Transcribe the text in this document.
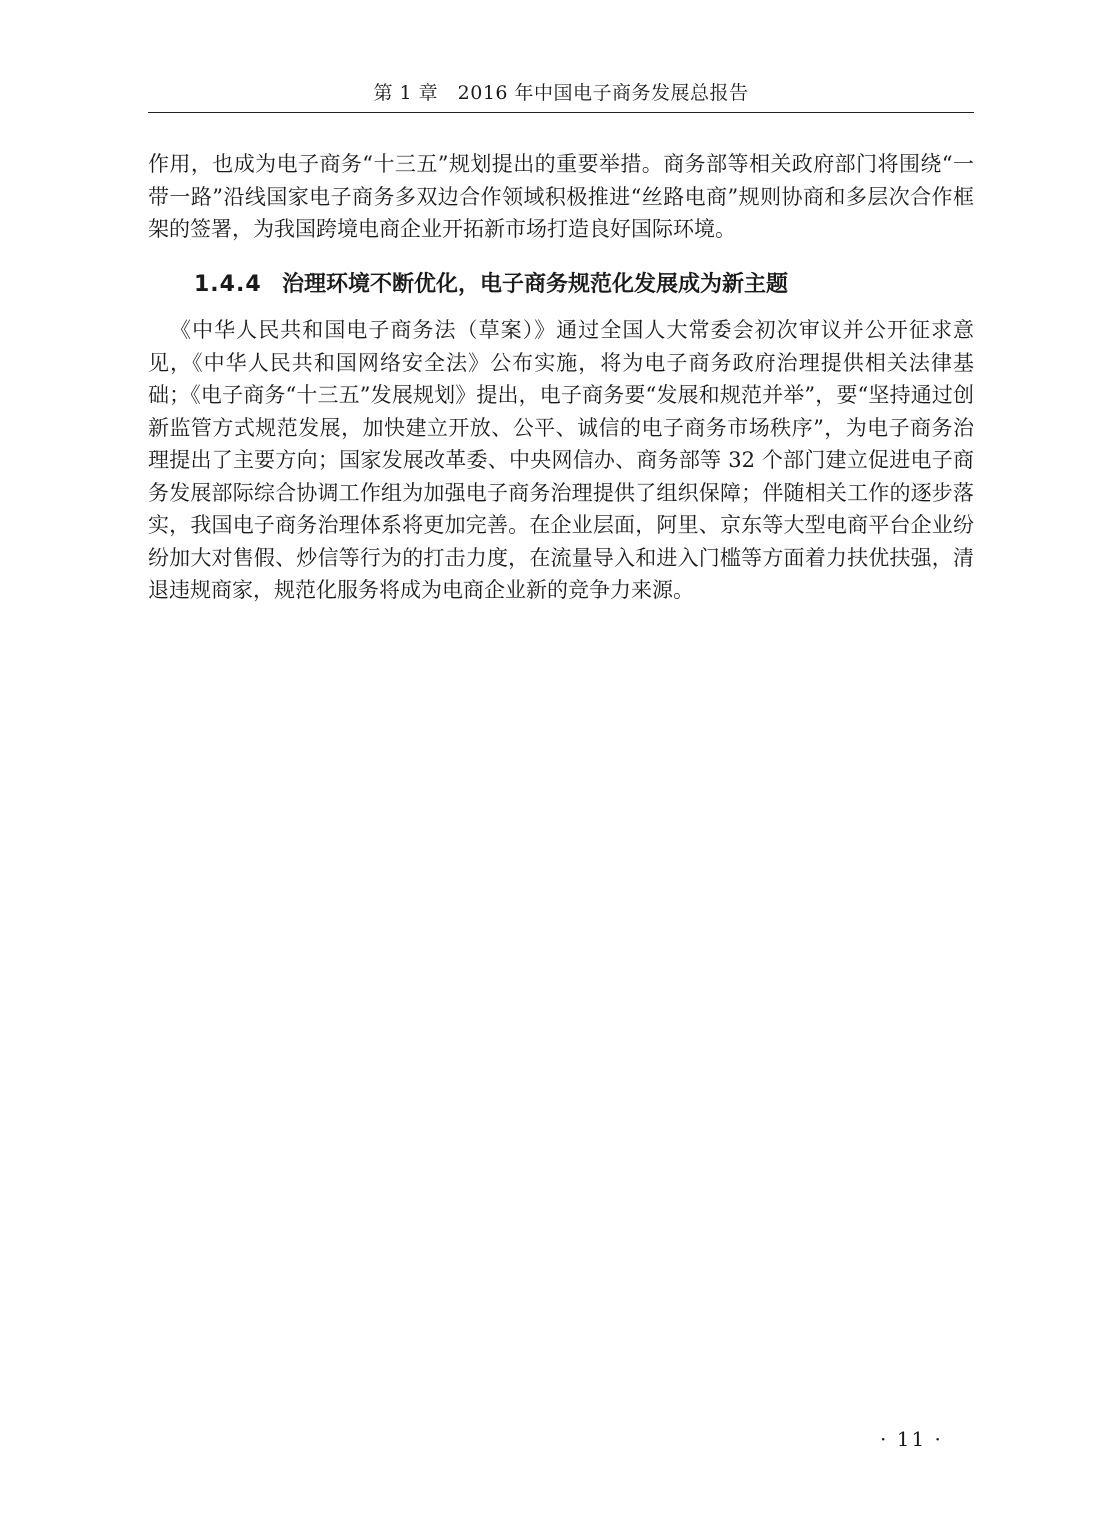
第 1 章　2016 年中国电子商务发展总报告

作用，也成为电子商务“十三五”规划提出的重要举措。商务部等相关政府部门将围绕“一带一路”沿线国家电子商务多双边合作领域积极推进“丝路电商”规则协商和多层次合作框架的签署，为我国跨境电商企业开拓新市场打造良好国际环境。

1.4.4 治理环境不断优化，电子商务规范化发展成为新主题

《中华人民共和国电子商务法（草案）》通过全国人大常委会初次审议并公开征求意见，《中华人民共和国网络安全法》公布实施，将为电子商务政府治理提供相关法律基础；《电子商务“十三五”发展规划》提出，电子商务要“发展和规范并举”，要“坚持通过创新监管方式规范发展，加快建立开放、公平、诚信的电子商务市场秩序”，为电子商务治理提出了主要方向；国家发展改革委、中央网信办、商务部等 32 个部门建立促进电子商务发展部际综合协调工作组为加强电子商务治理提供了组织保障；伴随相关工作的逐步落实，我国电子商务治理体系将更加完善。在企业层面，阿里、京东等大型电商平台企业纷纷加大对售假、炒信等行为的打击力度，在流量导入和进入门槛等方面着力扶优扶强，清退违规商家，规范化服务将成为电商企业新的竞争力来源。

· 11 ·
